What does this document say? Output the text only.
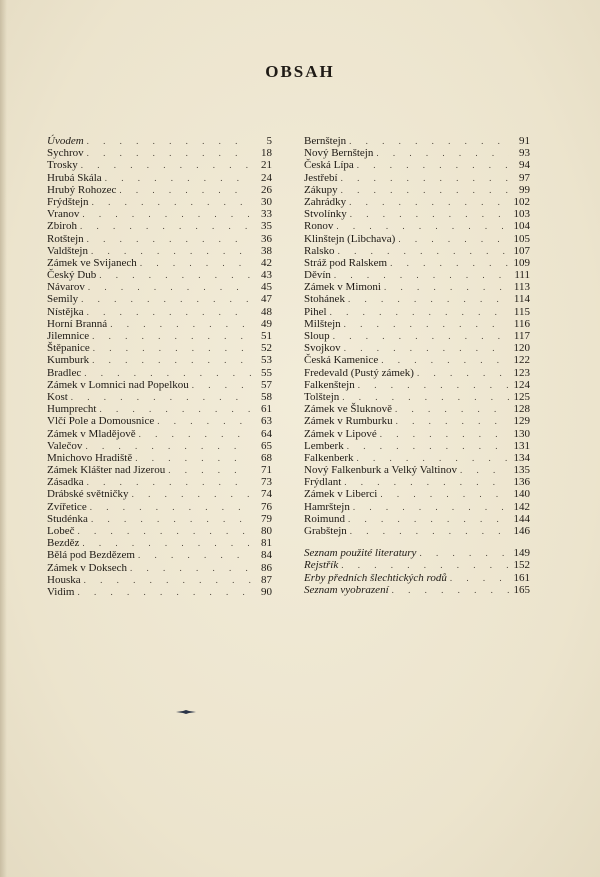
OBSAH
Úvodem . . .	5
Sychrov . . .	18
Trosky . . .	21
Hrubá Skála . . .	24
Hrubý Rohozec . . .	26
Frýdštejn . . .	30
Vranov . . .	33
Zbiroh . . .	35
Rotštejn . . .	36
Valdštejn . . .	38
Zámek ve Svijanech . . .	42
Český Dub . . .	43
Návarov . . .	45
Semily . . .	47
Nístějka . . .	48
Horní Branná . . .	49
Jilemnice . . .	51
Štěpanice . . .	52
Kumburk . . .	53
Bradlec . . .	55
Zámek v Lomnici nad Popelkou . . .	57
Kost . . .	58
Humprecht . . .	61
Vlčí Pole a Domousnice . . .	63
Zámek v Mladějově . . .	64
Valečov . . .	65
Mnichovo Hradiště . . .	68
Zámek Klášter nad Jizerou . . .	71
Zásadka . . .	73
Drábské světničky . . .	74
Zvířetice . . .	76
Studénka . . .	79
Lobeč . . .	80
Bezděz . . .	81
Bělá pod Bezdězem . . .	84
Zámek v Doksech . . .	86
Houska . . .	87
Vidim . . .	90
Bernštejn . . .	91
Nový Bernštejn . . .	93
Česká Lípa . . .	94
Jestřebí . . .	97
Zákupy . . .	99
Zahrádky . . .	102
Stvolínky . . .	103
Ronov . . .	104
Klinštejn (Libchava) . . .	105
Ralsko . . .	107
Stráž pod Ralskem . . .	109
Děvín . . .	111
Zámek v Mimoni . . .	113
Stohánek . . .	114
Pihel . . .	115
Milštejn . . .	116
Sloup . . .	117
Svojkov . . .	120
Česká Kamenice . . .	122
Fredevald (Pustý zámek) . . .	123
Falkenštejn . . .	124
Tolštejn . . .	125
Zámek ve Šluknově . . .	128
Zámek v Rumburku . . .	129
Zámek v Lipové . . .	130
Lemberk . . .	131
Falkenberk . . .	134
Nový Falkenburk a Velký Valtinov . . .	135
Frýdlant . . .	136
Zámek v Liberci . . .	140
Hamrštejn . . .	142
Roimund . . .	144
Grabštejn . . .	146
Seznam použité literatury . . .	149
Rejstřík . . .	152
Erby předních šlechtických rodů . . .	161
Seznam vyobrazení . . .	165
